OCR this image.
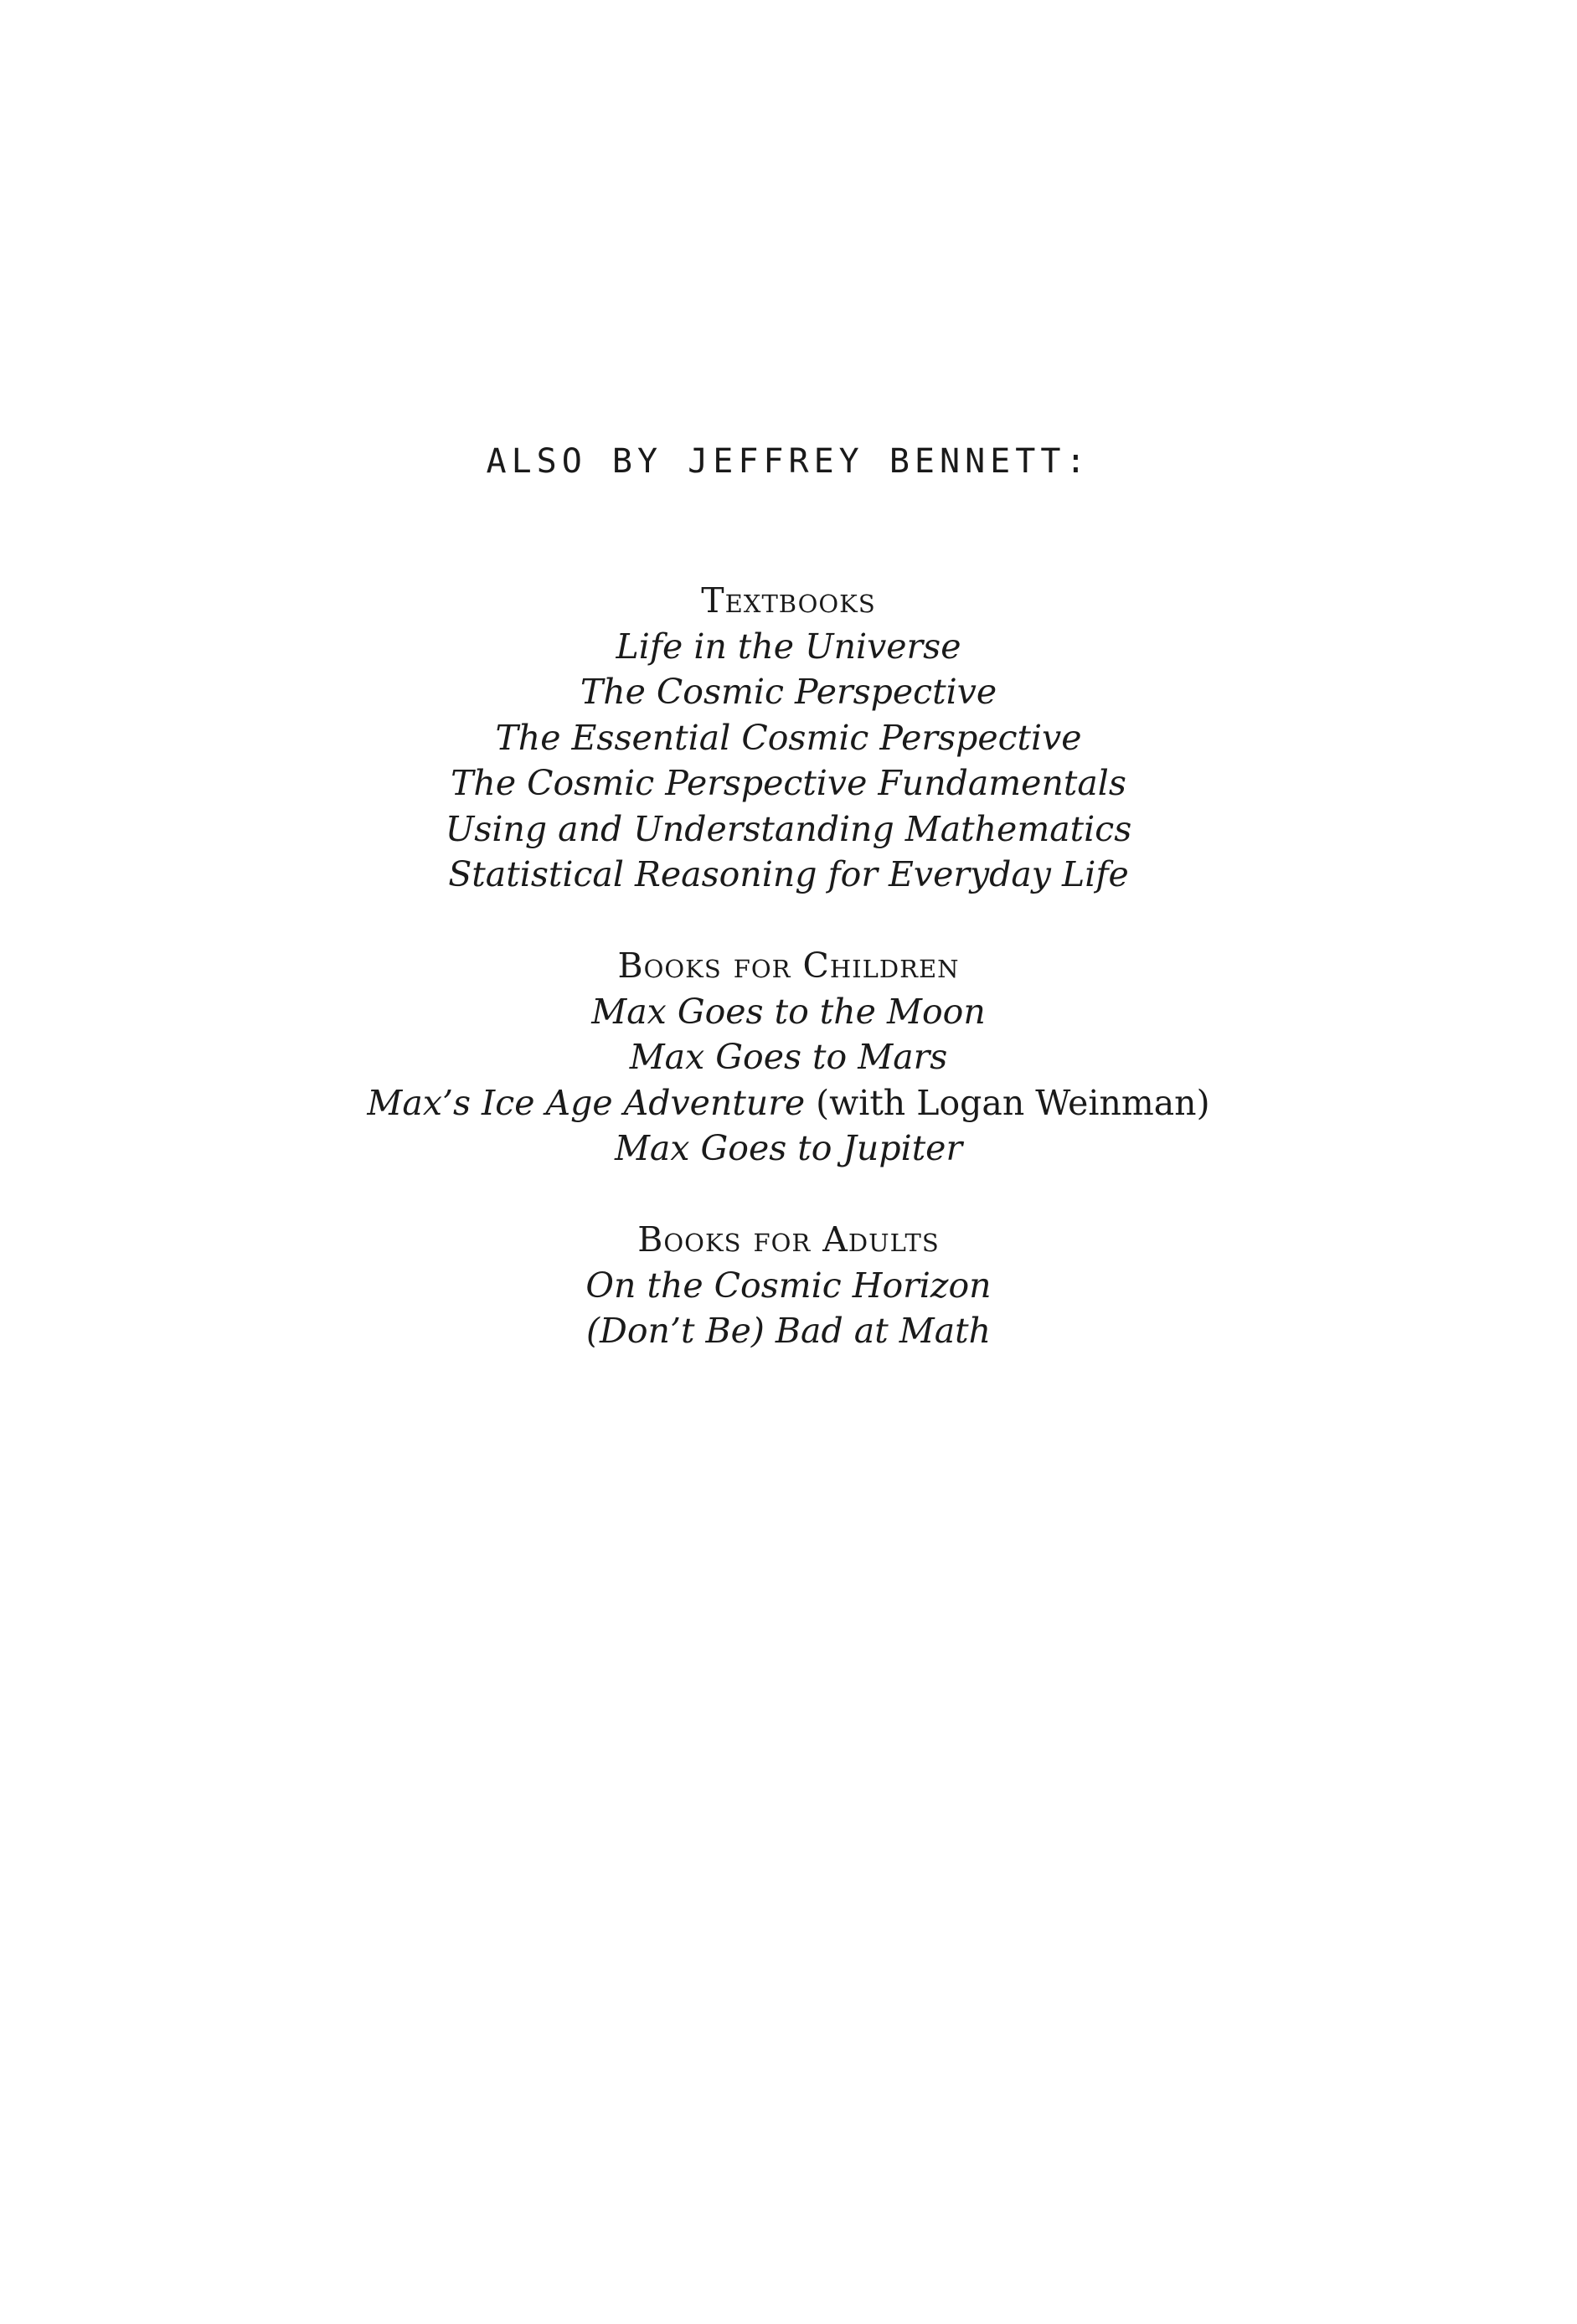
ALSO BY JEFFREY BENNETT:
Textbooks
Life in the Universe
The Cosmic Perspective
The Essential Cosmic Perspective
The Cosmic Perspective Fundamentals
Using and Understanding Mathematics
Statistical Reasoning for Everyday Life
Books for Children
Max Goes to the Moon
Max Goes to Mars
Max’s Ice Age Adventure (with Logan Weinman)
Max Goes to Jupiter
Books for Adults
On the Cosmic Horizon
(Don’t Be) Bad at Math
